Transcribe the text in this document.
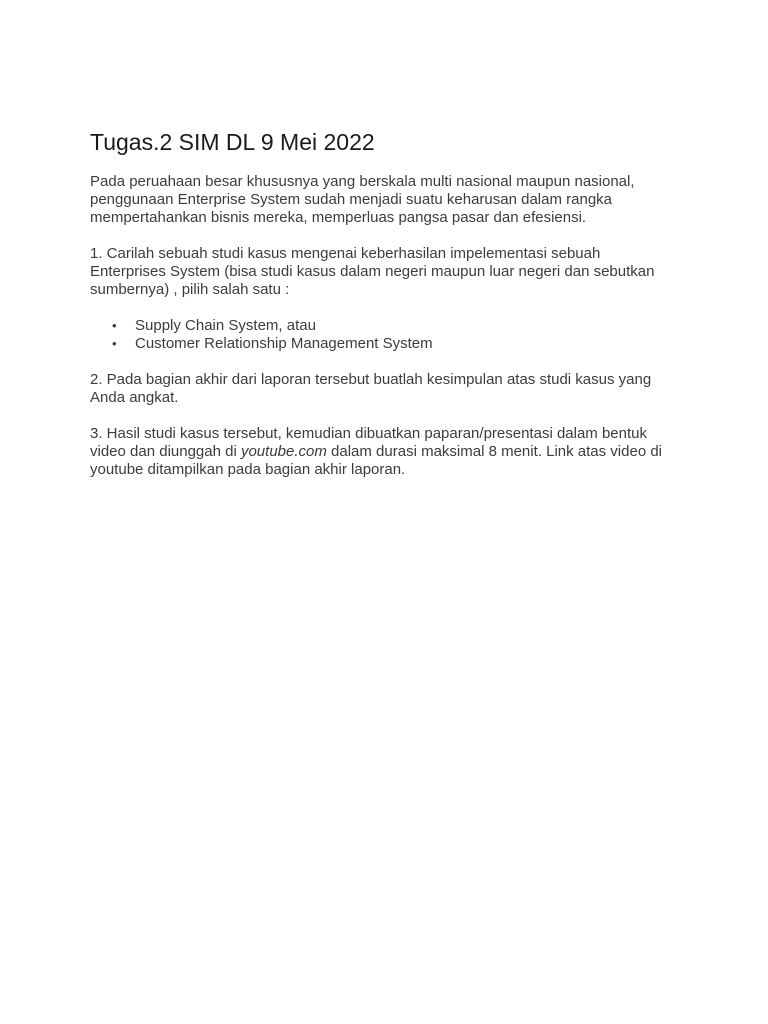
Tugas.2 SIM DL 9 Mei 2022

Pada peruahaan besar khususnya yang berskala multi nasional maupun nasional, penggunaan Enterprise System sudah menjadi suatu keharusan dalam rangka mempertahankan bisnis mereka, memperluas pangsa pasar dan efesiensi.

1. Carilah sebuah studi kasus mengenai keberhasilan impelementasi sebuah Enterprises System (bisa studi kasus dalam negeri maupun luar negeri dan sebutkan sumbernya) , pilih salah satu :

• Supply Chain System, atau
• Customer Relationship Management System

2. Pada bagian akhir dari laporan tersebut buatlah kesimpulan atas studi kasus yang Anda angkat.

3. Hasil studi kasus tersebut, kemudian dibuatkan paparan/presentasi dalam bentuk video dan diunggah di youtube.com dalam durasi maksimal 8 menit. Link atas video di youtube ditampilkan pada bagian akhir laporan.
